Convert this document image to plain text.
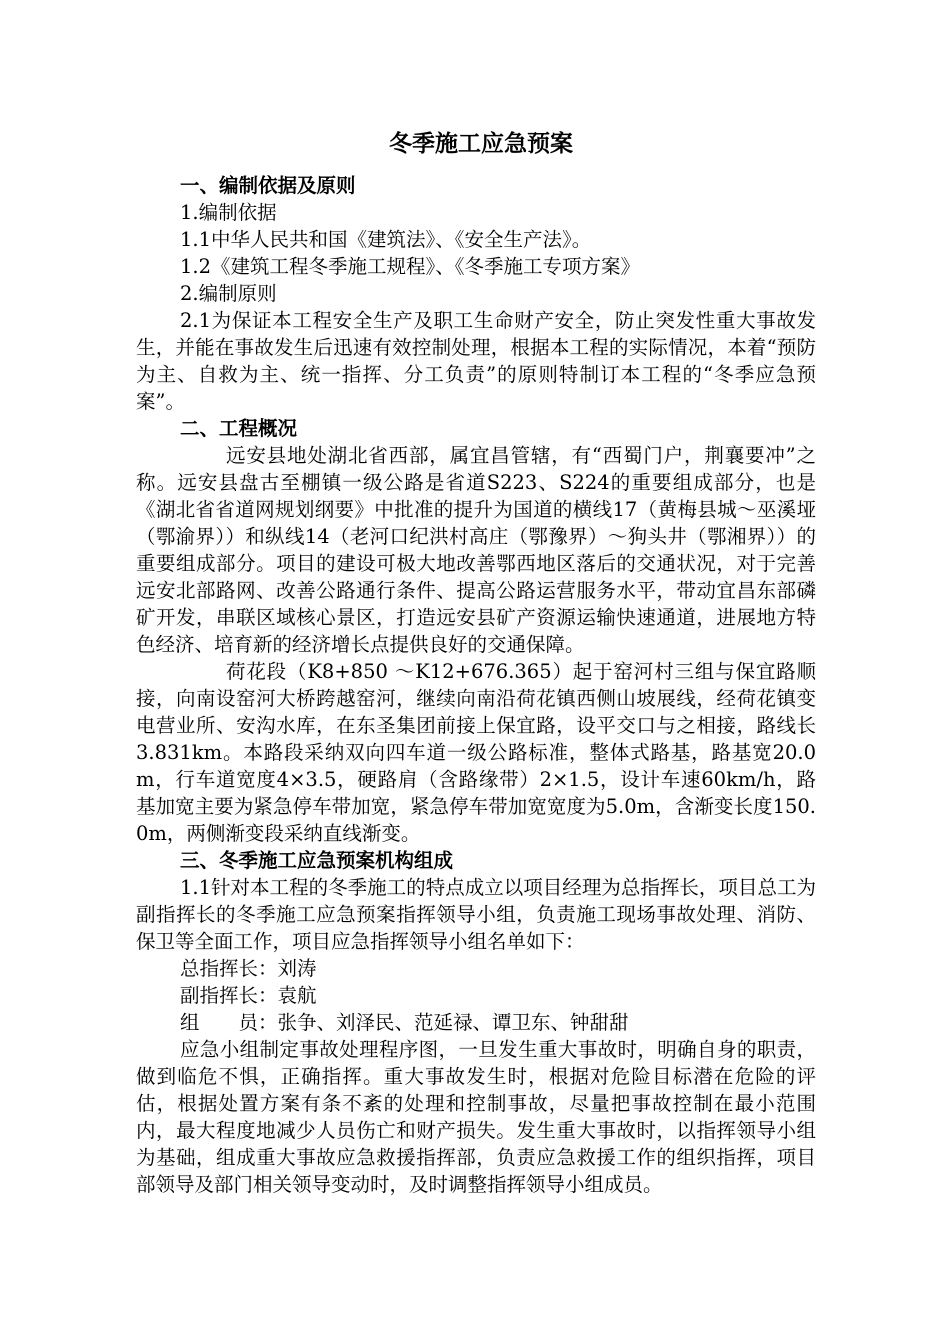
冬季施工应急预案
一、编制依据及原则
1.编制依据
1.1中华人民共和国《建筑法》、《安全生产法》。
1.2《建筑工程冬季施工规程》、《冬季施工专项方案》
2.编制原则
2.1为保证本工程安全生产及职工生命财产安全，防止突发性重大事故发生，并能在事故发生后迅速有效控制处理，根据本工程的实际情况，本着“预防为主、自救为主、统一指挥、分工负责”的原则特制订本工程的“冬季应急预案”。
二、工程概况
远安县地处湖北省西部，属宜昌管辖，有“西蜀门户，荆襄要冲”之称。远安县盘古至棚镇一级公路是省道S223、S224的重要组成部分，也是《湖北省省道网规划纲要》中批准的提升为国道的横线17（黄梅县城～巫溪垭（鄂渝界））和纵线14（老河口纪洪村高庄（鄂豫界）～狗头井（鄂湘界））的重要组成部分。项目的建设可极大地改善鄂西地区落后的交通状况，对于完善远安北部路网、改善公路通行条件、提高公路运营服务水平，带动宜昌东部磷矿开发，串联区域核心景区，打造远安县矿产资源运输快速通道，进展地方特色经济、培育新的经济增长点提供良好的交通保障。
荷花段（K8+850 ～K12+676.365）起于窑河村三组与保宜路顺接，向南设窑河大桥跨越窑河，继续向南沿荷花镇西侧山坡展线，经荷花镇变电营业所、安沟水库，在东圣集团前接上保宜路，设平交口与之相接，路线长3.831km。本路段采纳双向四车道一级公路标准，整体式路基，路基宽20.0m，行车道宽度4×3.5，硬路肩（含路缘带）2×1.5，设计车速60km/h，路基加宽主要为紧急停车带加宽，紧急停车带加宽宽度为5.0m，含渐变长度150.0m，两侧渐变段采纳直线渐变。
三、冬季施工应急预案机构组成
1.1针对本工程的冬季施工的特点成立以项目经理为总指挥长，项目总工为副指挥长的冬季施工应急预案指挥领导小组，负责施工现场事故处理、消防、保卫等全面工作，项目应急指挥领导小组名单如下：
总指挥长：刘涛
副指挥长：袁航
组　　员：张争、刘泽民、范延禄、谭卫东、钟甜甜
应急小组制定事故处理程序图，一旦发生重大事故时，明确自身的职责，做到临危不惧，正确指挥。重大事故发生时，根据对危险目标潜在危险的评估，根据处置方案有条不紊的处理和控制事故，尽量把事故控制在最小范围内，最大程度地减少人员伤亡和财产损失。发生重大事故时，以指挥领导小组为基础，组成重大事故应急救援指挥部，负责应急救援工作的组织指挥，项目部领导及部门相关领导变动时，及时调整指挥领导小组成员。
